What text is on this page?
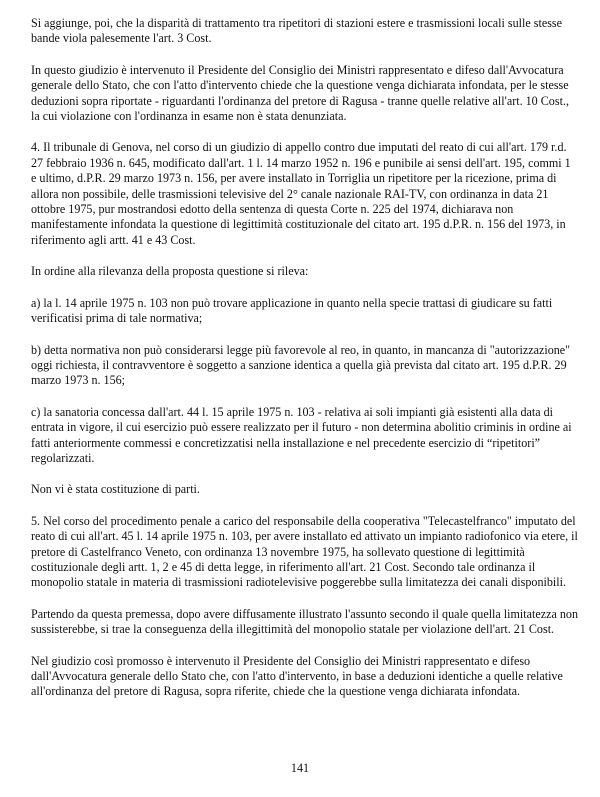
Si aggiunge, poi, che la disparità di trattamento tra ripetitori di stazioni estere e trasmissioni locali sulle stesse bande viola palesemente l'art. 3 Cost.

In questo giudizio è intervenuto il Presidente del Consiglio dei Ministri rappresentato e difeso dall'Avvocatura generale dello Stato, che con l'atto d'intervento chiede che la questione venga dichiarata infondata, per le stesse deduzioni sopra riportate - riguardanti l'ordinanza del pretore di Ragusa - tranne quelle relative all'art. 10 Cost., la cui violazione con l'ordinanza in esame non è stata denunziata.

4. Il tribunale di Genova, nel corso di un giudizio di appello contro due imputati del reato di cui all'art. 179 r.d. 27 febbraio 1936 n. 645, modificato dall'art. 1 l. 14 marzo 1952 n. 196 e punibile ai sensi dell'art. 195, commi 1 e ultimo, d.P.R. 29 marzo 1973 n. 156, per avere installato in Torriglia un ripetitore per la ricezione, prima di allora non possibile, delle trasmissioni televisive del 2° canale nazionale RAI-TV, con ordinanza in data 21 ottobre 1975, pur mostrandosi edotto della sentenza di questa Corte n. 225 del 1974, dichiarava non manifestamente infondata la questione di legittimità costituzionale del citato art. 195 d.P.R. n. 156 del 1973, in riferimento agli artt. 41 e 43 Cost.

In ordine alla rilevanza della proposta questione si rileva:

a) la l. 14 aprile 1975 n. 103 non può trovare applicazione in quanto nella specie trattasi di giudicare su fatti verificatisi prima di tale normativa;

b) detta normativa non può considerarsi legge più favorevole al reo, in quanto, in mancanza di "autorizzazione" oggi richiesta, il contravventore è soggetto a sanzione identica a quella già prevista dal citato art. 195 d.P.R. 29 marzo 1973 n. 156;

c) la sanatoria concessa dall'art. 44 l. 15 aprile 1975 n. 103 - relativa ai soli impianti già esistenti alla data di entrata in vigore, il cui esercizio può essere realizzato per il futuro - non determina abolitio criminis in ordine ai fatti anteriormente commessi e concretizzatisi nella installazione e nel precedente esercizio di “ripetitori” regolarizzati.

Non vi è stata costituzione di parti.

5. Nel corso del procedimento penale a carico del responsabile della cooperativa "Telecastelfranco" imputato del reato di cui all'art. 45 l. 14 aprile 1975 n. 103, per avere installato ed attivato un impianto radiofonico via etere, il pretore di Castelfranco Veneto, con ordinanza 13 novembre 1975, ha sollevato questione di legittimità costituzionale degli artt. 1, 2 e 45 di detta legge, in riferimento all'art. 21 Cost. Secondo tale ordinanza il monopolio statale in materia di trasmissioni radiotelevisive poggerebbe sulla limitatezza dei canali disponibili.

Partendo da questa premessa, dopo avere diffusamente illustrato l'assunto secondo il quale quella limitatezza non sussisterebbe, si trae la conseguenza della illegittimità del monopolio statale per violazione dell'art. 21 Cost.

Nel giudizio così promosso è intervenuto il Presidente del Consiglio dei Ministri rappresentato e difeso dall'Avvocatura generale dello Stato che, con l'atto d'intervento, in base a deduzioni identiche a quelle relative all'ordinanza del pretore di Ragusa, sopra riferite, chiede che la questione venga dichiarata infondata.

141
